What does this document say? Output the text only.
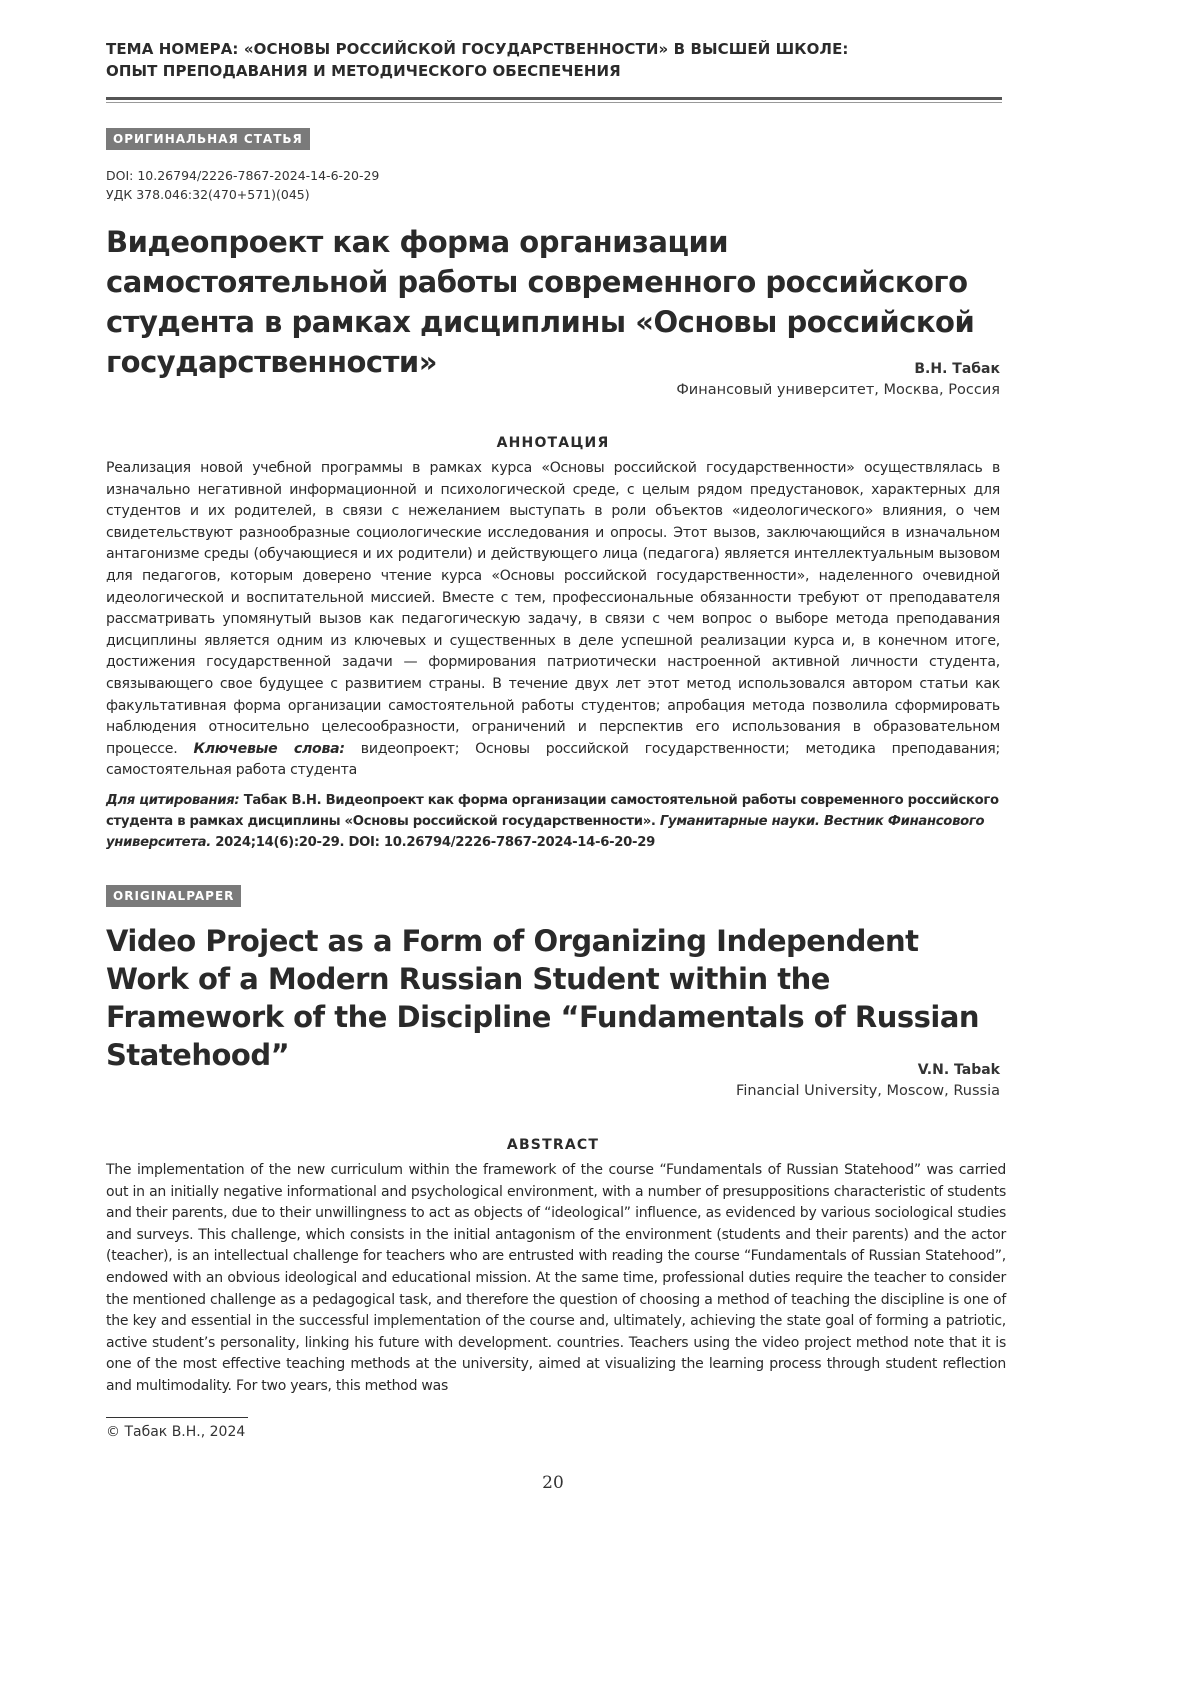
ТЕМА НОМЕРА: «ОСНОВЫ РОССИЙСКОЙ ГОСУДАРСТВЕННОСТИ» В ВЫСШЕЙ ШКОЛЕ:
ОПЫТ ПРЕПОДАВАНИЯ И МЕТОДИЧЕСКОГО ОБЕСПЕЧЕНИЯ
ОРИГИНАЛЬНАЯ СТАТЬЯ
DOI: 10.26794/2226-7867-2024-14-6-20-29
УДК 378.046:32(470+571)(045)
Видеопроект как форма организации самостоятельной работы современного российского студента в рамках дисциплины «Основы российской государственности»	В.Н. Табак
Финансовый университет, Москва, Россия
АННОТАЦИЯ
Реализация новой учебной программы в рамках курса «Основы российской государственности» осуществлялась в изначально негативной информационной и психологической среде, с целым рядом предустановок, характерных для студентов и их родителей, в связи с нежеланием выступать в роли объектов «идеологического» влияния, о чем свидетельствуют разнообразные социологические исследования и опросы. Этот вызов, заключающийся в изначальном антагонизме среды (обучающиеся и их родители) и действующего лица (педагога) является интеллектуальным вызовом для педагогов, которым доверено чтение курса «Основы российской государственности», наделенного очевидной идеологической и воспитательной миссией. Вместе с тем, профессиональные обязанности требуют от преподавателя рассматривать упомянутый вызов как педагогическую задачу, в связи с чем вопрос о выборе метода преподавания дисциплины является одним из ключевых и существенных в деле успешной реализации курса и, в конечном итоге, достижения государственной задачи — формирования патриотически настроенной активной личности студента, связывающего свое будущее с развитием страны. В течение двух лет этот метод использовался автором статьи как факультативная форма организации самостоятельной работы студентов; апробация метода позволила сформировать наблюдения относительно целесообразности, ограничений и перспектив его использования в образовательном процессе. Ключевые слова: видеопроект; Основы российской государственности; методика преподавания; самостоятельная работа студента
Для цитирования: Табак В.Н. Видеопроект как форма организации самостоятельной работы современного российского студента в рамках дисциплины «Основы российской государственности». Гуманитарные науки. Вестник Финансового университета. 2024;14(6):20-29. DOI: 10.26794/2226-7867-2024-14-6-20-29
ORIGINALPAPER
Video Project as a Form of Organizing Independent Work of a Modern Russian Student within the Framework of the Discipline “Fundamentals of Russian Statehood”	V.N. Tabak
Financial University, Moscow, Russia
ABSTRACT
The implementation of the new curriculum within the framework of the course “Fundamentals of Russian Statehood” was carried out in an initially negative informational and psychological environment, with a number of presuppositions characteristic of students and their parents, due to their unwillingness to act as objects of “ideological” influence, as evidenced by various sociological studies and surveys. This challenge, which consists in the initial antagonism of the environment (students and their parents) and the actor (teacher), is an intellectual challenge for teachers who are entrusted with reading the course “Fundamentals of Russian Statehood”, endowed with an obvious ideological and educational mission. At the same time, professional duties require the teacher to consider the mentioned challenge as a pedagogical task, and therefore the question of choosing a method of teaching the discipline is one of the key and essential in the successful implementation of the course and, ultimately, achieving the state goal of forming a patriotic, active student’s personality, linking his future with development. countries. Teachers using the video project method note that it is one of the most effective teaching methods at the university, aimed at visualizing the learning process through student reflection and multimodality. For two years, this method was
© Табак В.Н., 2024
20
